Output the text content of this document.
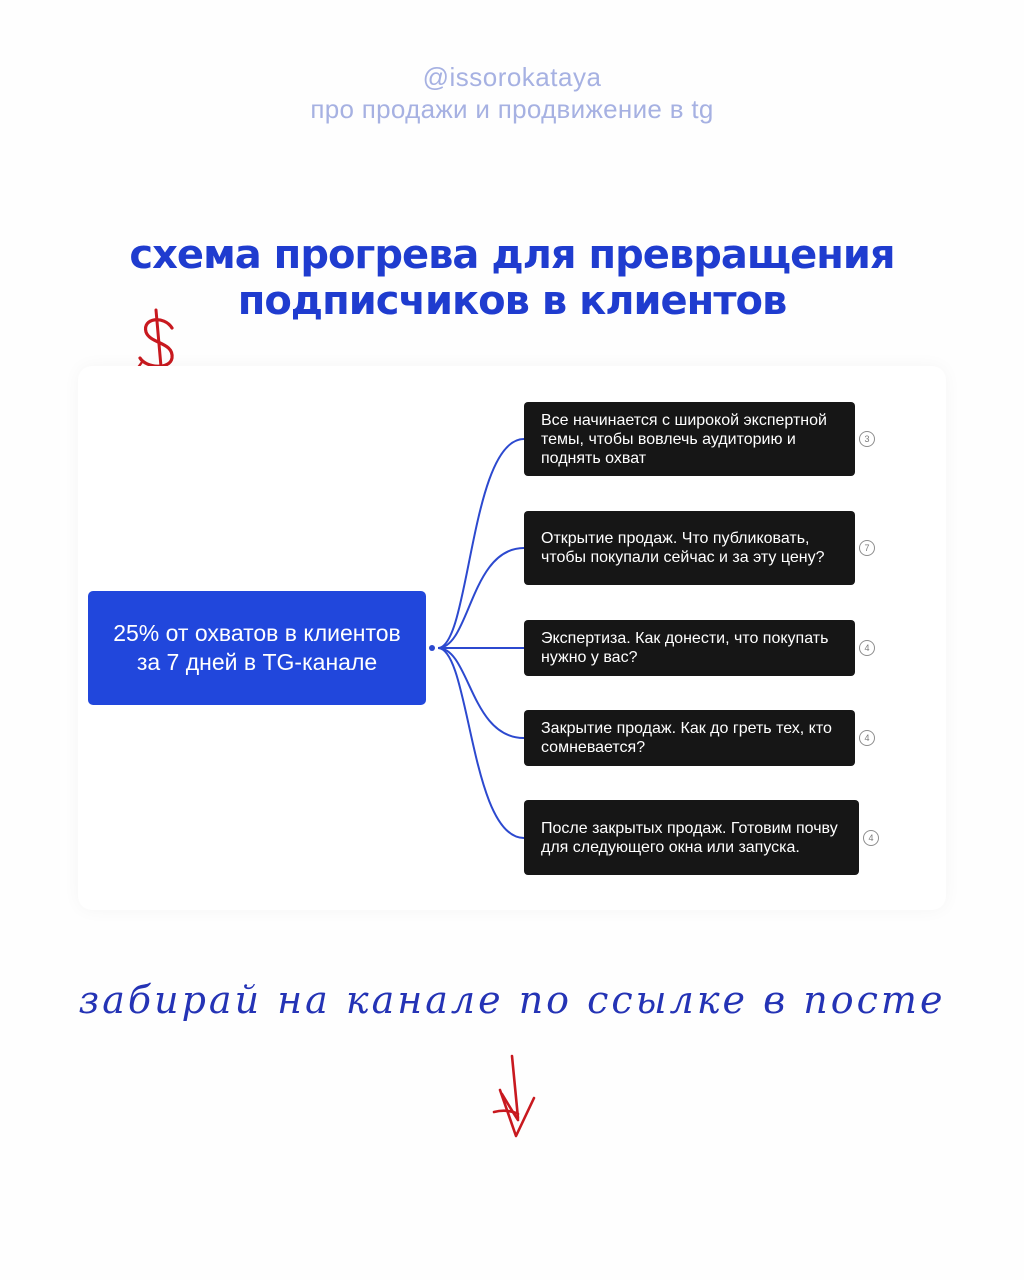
@issorokataya
про продажи и продвижение в tg
схема прогрева для превращения
подписчиков в клиентов
25% от охватов в клиентов за 7 дней в TG-канале
Все начинается с широкой экспертной темы, чтобы вовлечь аудиторию и поднять охват
3
Открытие продаж. Что публиковать, чтобы покупали сейчас и за эту цену?
7
Экспертиза. Как донести, что покупать нужно у вас?
4
Закрытие продаж. Как до греть тех, кто сомневается?
4
После закрытых продаж. Готовим почву для следующего окна или запуска.
4
забирай на канале по ссылке в посте
